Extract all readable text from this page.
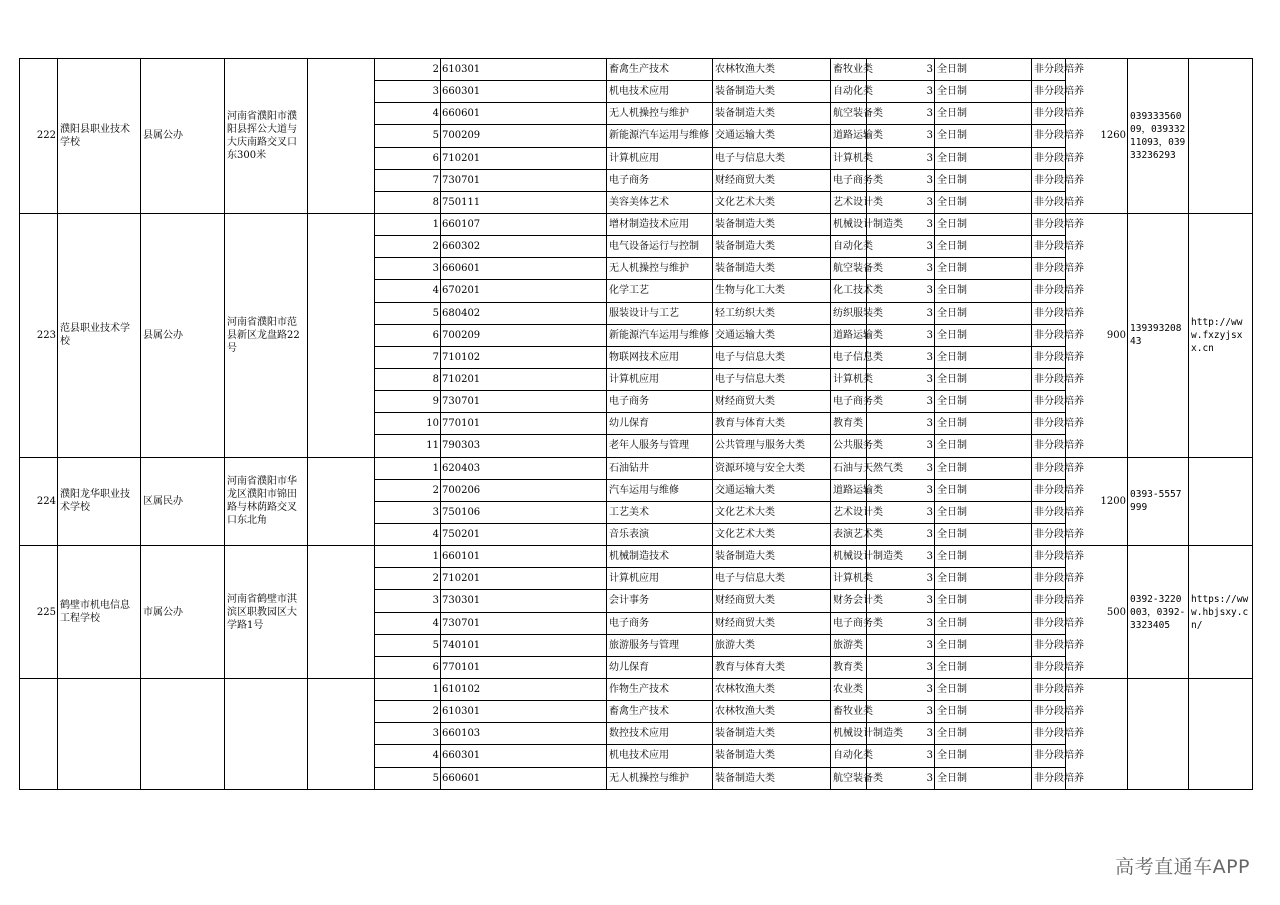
222	濮阳县职业技术学校	县属公办	河南省濮阳市濮阳县挥公大道与大庆南路交叉口东300米		2	610301	畜禽生产技术	农林牧渔大类	畜牧业类	3	全日制	非分段培养	1260	03933356009，03933211093，03933236293		
					3	660301	机电技术应用	装备制造大类	自动化类	3	全日制	非分段培养				
					4	660601	无人机操控与维护	装备制造大类	航空装备类	3	全日制	非分段培养				
					5	700209	新能源汽车运用与维修	交通运输大类	道路运输类	3	全日制	非分段培养				
					6	710201	计算机应用	电子与信息大类	计算机类	3	全日制	非分段培养				
					7	730701	电子商务	财经商贸大类	电子商务类	3	全日制	非分段培养				
					8	750111	美容美体艺术	文化艺术大类	艺术设计类	3	全日制	非分段培养				
223	范县职业技术学校	县属公办	河南省濮阳市范县新区龙盘路22号		1	660107	增材制造技术应用	装备制造大类	机械设计制造类	3	全日制	非分段培养	900	13939320843	http://www.fxzyjsxx.cn	
					2	660302	电气设备运行与控制	装备制造大类	自动化类	3	全日制	非分段培养				
					3	660601	无人机操控与维护	装备制造大类	航空装备类	3	全日制	非分段培养				
					4	670201	化学工艺	生物与化工大类	化工技术类	3	全日制	非分段培养				
					5	680402	服装设计与工艺	轻工纺织大类	纺织服装类	3	全日制	非分段培养				
					6	700209	新能源汽车运用与维修	交通运输大类	道路运输类	3	全日制	非分段培养				
					7	710102	物联网技术应用	电子与信息大类	电子信息类	3	全日制	非分段培养				
					8	710201	计算机应用	电子与信息大类	计算机类	3	全日制	非分段培养				
					9	730701	电子商务	财经商贸大类	电子商务类	3	全日制	非分段培养				
					10	770101	幼儿保育	教育与体育大类	教育类	3	全日制	非分段培养				
					11	790303	老年人服务与管理	公共管理与服务大类	公共服务类	3	全日制	非分段培养				
224	濮阳龙华职业技术学校	区属民办	河南省濮阳市华龙区濮阳市锦田路与林荫路交叉口东北角		1	620403	石油钻井	资源环境与安全大类	石油与天然气类	3	全日制	非分段培养	1200	0393-5557999		
					2	700206	汽车运用与维修	交通运输大类	道路运输类	3	全日制	非分段培养				
					3	750106	工艺美术	文化艺术大类	艺术设计类	3	全日制	非分段培养				
					4	750201	音乐表演	文化艺术大类	表演艺术类	3	全日制	非分段培养				
225	鹤壁市机电信息工程学校	市属公办	河南省鹤壁市淇滨区职教园区大学路1号		1	660101	机械制造技术	装备制造大类	机械设计制造类	3	全日制	非分段培养	500	0392-3220003，0392-3323405	https://www.hbjsxy.cn/	
					2	710201	计算机应用	电子与信息大类	计算机类	3	全日制	非分段培养				
					3	730301	会计事务	财经商贸大类	财务会计类	3	全日制	非分段培养				
					4	730701	电子商务	财经商贸大类	电子商务类	3	全日制	非分段培养				
					5	740101	旅游服务与管理	旅游大类	旅游类	3	全日制	非分段培养				
					6	770101	幼儿保育	教育与体育大类	教育类	3	全日制	非分段培养				
					1	610102	作物生产技术	农林牧渔大类	农业类	3	全日制	非分段培养				
					2	610301	畜禽生产技术	农林牧渔大类	畜牧业类	3	全日制	非分段培养				
					3	660103	数控技术应用	装备制造大类	机械设计制造类	3	全日制	非分段培养				
					4	660301	机电技术应用	装备制造大类	自动化类	3	全日制	非分段培养				
					5	660601	无人机操控与维护	装备制造大类	航空装备类	3	全日制	非分段培养				
高考直通车APP
